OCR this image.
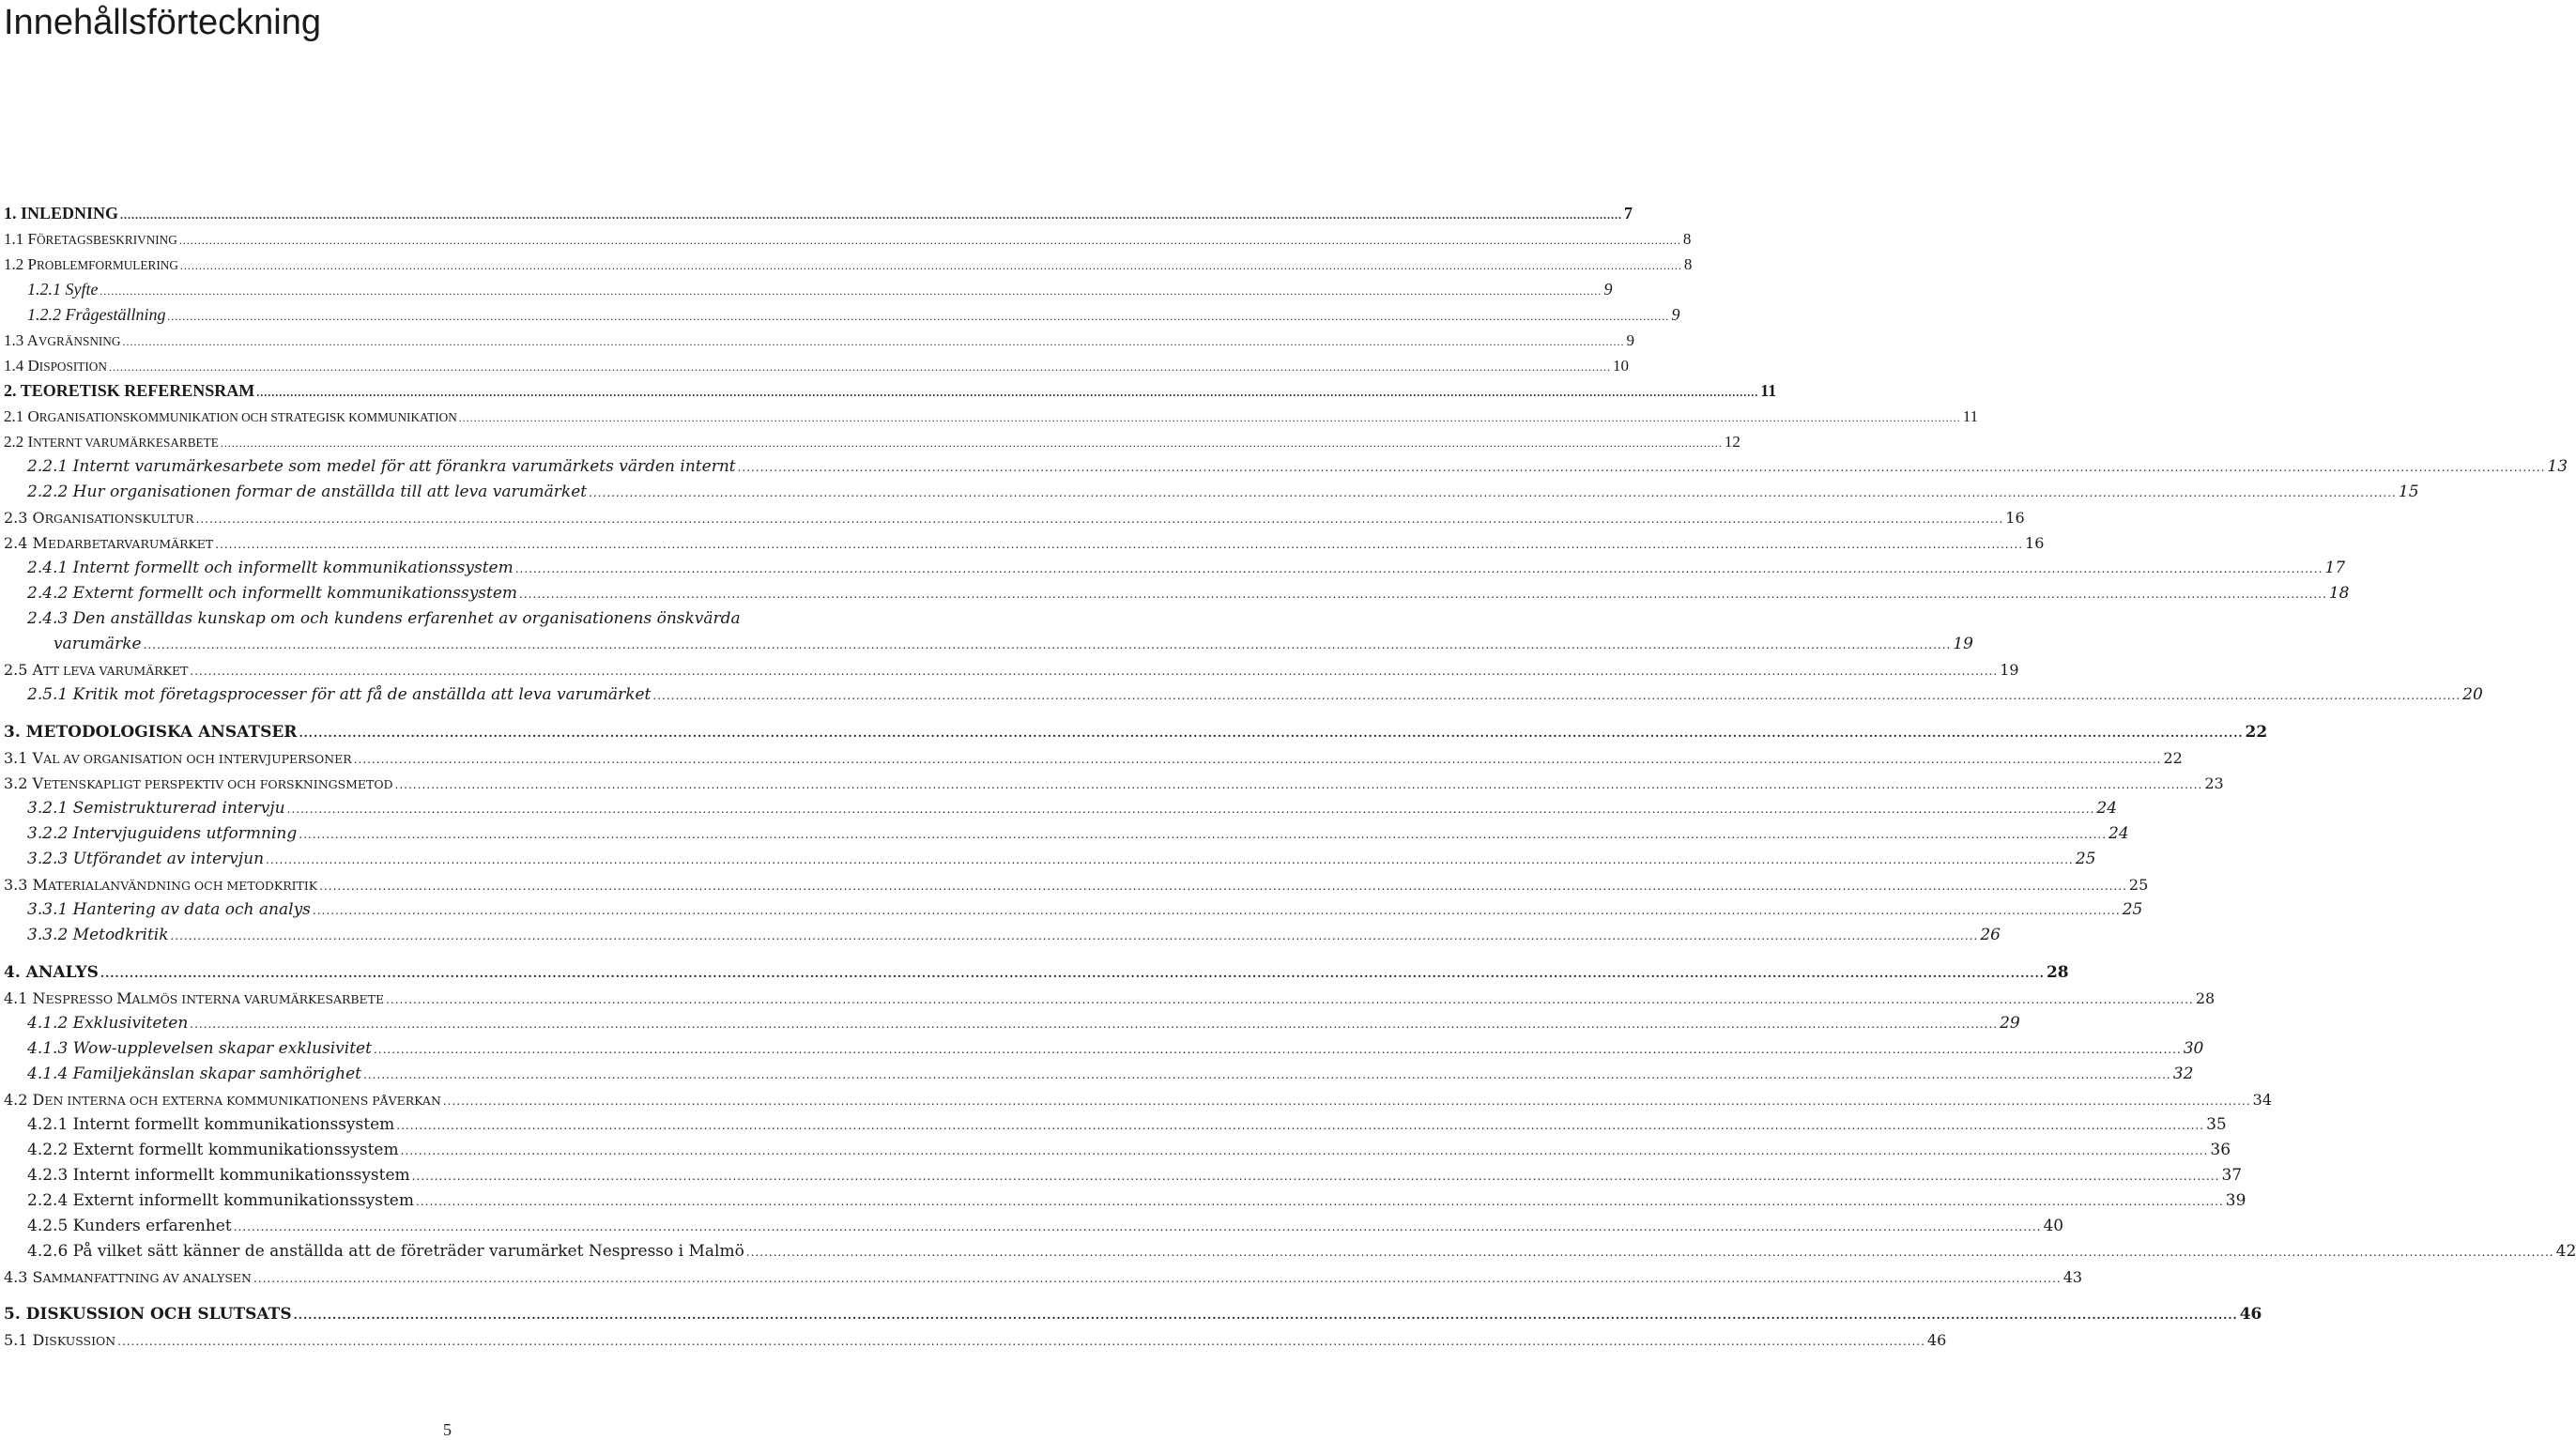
Innehållsförteckning
1. INLEDNING ................................................................................................................................................................................................................................................................................................................................................................................................................ 7
1.1 FÖRETAGSBESKRIVNING ................................................................................................................................................................................................................................................................................................................................................................................................................ 8
1.2 PROBLEMFORMULERING ................................................................................................................................................................................................................................................................................................................................................................................................................ 8
1.2.1 Syfte ................................................................................................................................................................................................................................................................................................................................................................................................................ 9
1.2.2 Frågeställning ................................................................................................................................................................................................................................................................................................................................................................................................................ 9
1.3 AVGRÄNSNING ................................................................................................................................................................................................................................................................................................................................................................................................................ 9
1.4 DISPOSITION ................................................................................................................................................................................................................................................................................................................................................................................................................ 10
2. TEORETISK REFERENSRAM ................................................................................................................................................................................................................................................................................................................................................................................................................ 11
2.1 ORGANISATIONSKOMMUNIKATION OCH STRATEGISK KOMMUNIKATION ................................................................................................................................................................................................................................................................................................................................................................................................................ 11
2.2 INTERNT VARUMÄRKESARBETE ................................................................................................................................................................................................................................................................................................................................................................................................................ 12
2.2.1 Internt varumärkesarbete som medel för att förankra varumärkets värden internt ................................................................................................................................................................................................................................................................................................................................................................................................................ 13
2.2.2 Hur organisationen formar de anställda till att leva varumärket ................................................................................................................................................................................................................................................................................................................................................................................................................ 15
2.3 ORGANISATIONSKULTUR ................................................................................................................................................................................................................................................................................................................................................................................................................ 16
2.4 MEDARBETARVARUMÄRKET ................................................................................................................................................................................................................................................................................................................................................................................................................ 16
2.4.1 Internt formellt och informellt kommunikationssystem ................................................................................................................................................................................................................................................................................................................................................................................................................ 17
2.4.2 Externt formellt och informellt kommunikationssystem ................................................................................................................................................................................................................................................................................................................................................................................................................ 18
2.4.3 Den anställdas kunskap om och kundens erfarenhet av organisationens önskvärda
varumärke ................................................................................................................................................................................................................................................................................................................................................................................................................ 19
2.5 ATT LEVA VARUMÄRKET ................................................................................................................................................................................................................................................................................................................................................................................................................ 19
2.5.1 Kritik mot företagsprocesser för att få de anställda att leva varumärket ................................................................................................................................................................................................................................................................................................................................................................................................................ 20
3. METODOLOGISKA ANSATSER ................................................................................................................................................................................................................................................................................................................................................................................................................ 22
3.1 VAL AV ORGANISATION OCH INTERVJUPERSONER ................................................................................................................................................................................................................................................................................................................................................................................................................ 22
3.2 VETENSKAPLIGT PERSPEKTIV OCH FORSKNINGSMETOD ................................................................................................................................................................................................................................................................................................................................................................................................................ 23
3.2.1 Semistrukturerad intervju ................................................................................................................................................................................................................................................................................................................................................................................................................ 24
3.2.2 Intervjuguidens utformning ................................................................................................................................................................................................................................................................................................................................................................................................................ 24
3.2.3 Utförandet av intervjun ................................................................................................................................................................................................................................................................................................................................................................................................................ 25
3.3 MATERIALANVÄNDNING OCH METODKRITIK ................................................................................................................................................................................................................................................................................................................................................................................................................ 25
3.3.1 Hantering av data och analys ................................................................................................................................................................................................................................................................................................................................................................................................................ 25
3.3.2 Metodkritik ................................................................................................................................................................................................................................................................................................................................................................................................................ 26
4. ANALYS ................................................................................................................................................................................................................................................................................................................................................................................................................ 28
4.1 NESPRESSO MALMÖS INTERNA VARUMÄRKESARBETE ................................................................................................................................................................................................................................................................................................................................................................................................................ 28
4.1.2 Exklusiviteten ................................................................................................................................................................................................................................................................................................................................................................................................................ 29
4.1.3 Wow-upplevelsen skapar exklusivitet ................................................................................................................................................................................................................................................................................................................................................................................................................ 30
4.1.4 Familjekänslan skapar samhörighet ................................................................................................................................................................................................................................................................................................................................................................................................................ 32
4.2 DEN INTERNA OCH EXTERNA KOMMUNIKATIONENS PÅVERKAN ................................................................................................................................................................................................................................................................................................................................................................................................................ 34
4.2.1 Internt formellt kommunikationssystem ................................................................................................................................................................................................................................................................................................................................................................................................................ 35
4.2.2 Externt formellt kommunikationssystem ................................................................................................................................................................................................................................................................................................................................................................................................................ 36
4.2.3 Internt informellt kommunikationssystem ................................................................................................................................................................................................................................................................................................................................................................................................................ 37
2.2.4 Externt informellt kommunikationssystem ................................................................................................................................................................................................................................................................................................................................................................................................................ 39
4.2.5 Kunders erfarenhet ................................................................................................................................................................................................................................................................................................................................................................................................................ 40
4.2.6 På vilket sätt känner de anställda att de företräder varumärket Nespresso i Malmö ................................................................................................................................................................................................................................................................................................................................................................................................................ 42
4.3 SAMMANFATTNING AV ANALYSEN ................................................................................................................................................................................................................................................................................................................................................................................................................ 43
5. DISKUSSION OCH SLUTSATS ................................................................................................................................................................................................................................................................................................................................................................................................................ 46
5.1 DISKUSSION ................................................................................................................................................................................................................................................................................................................................................................................................................ 46
5
